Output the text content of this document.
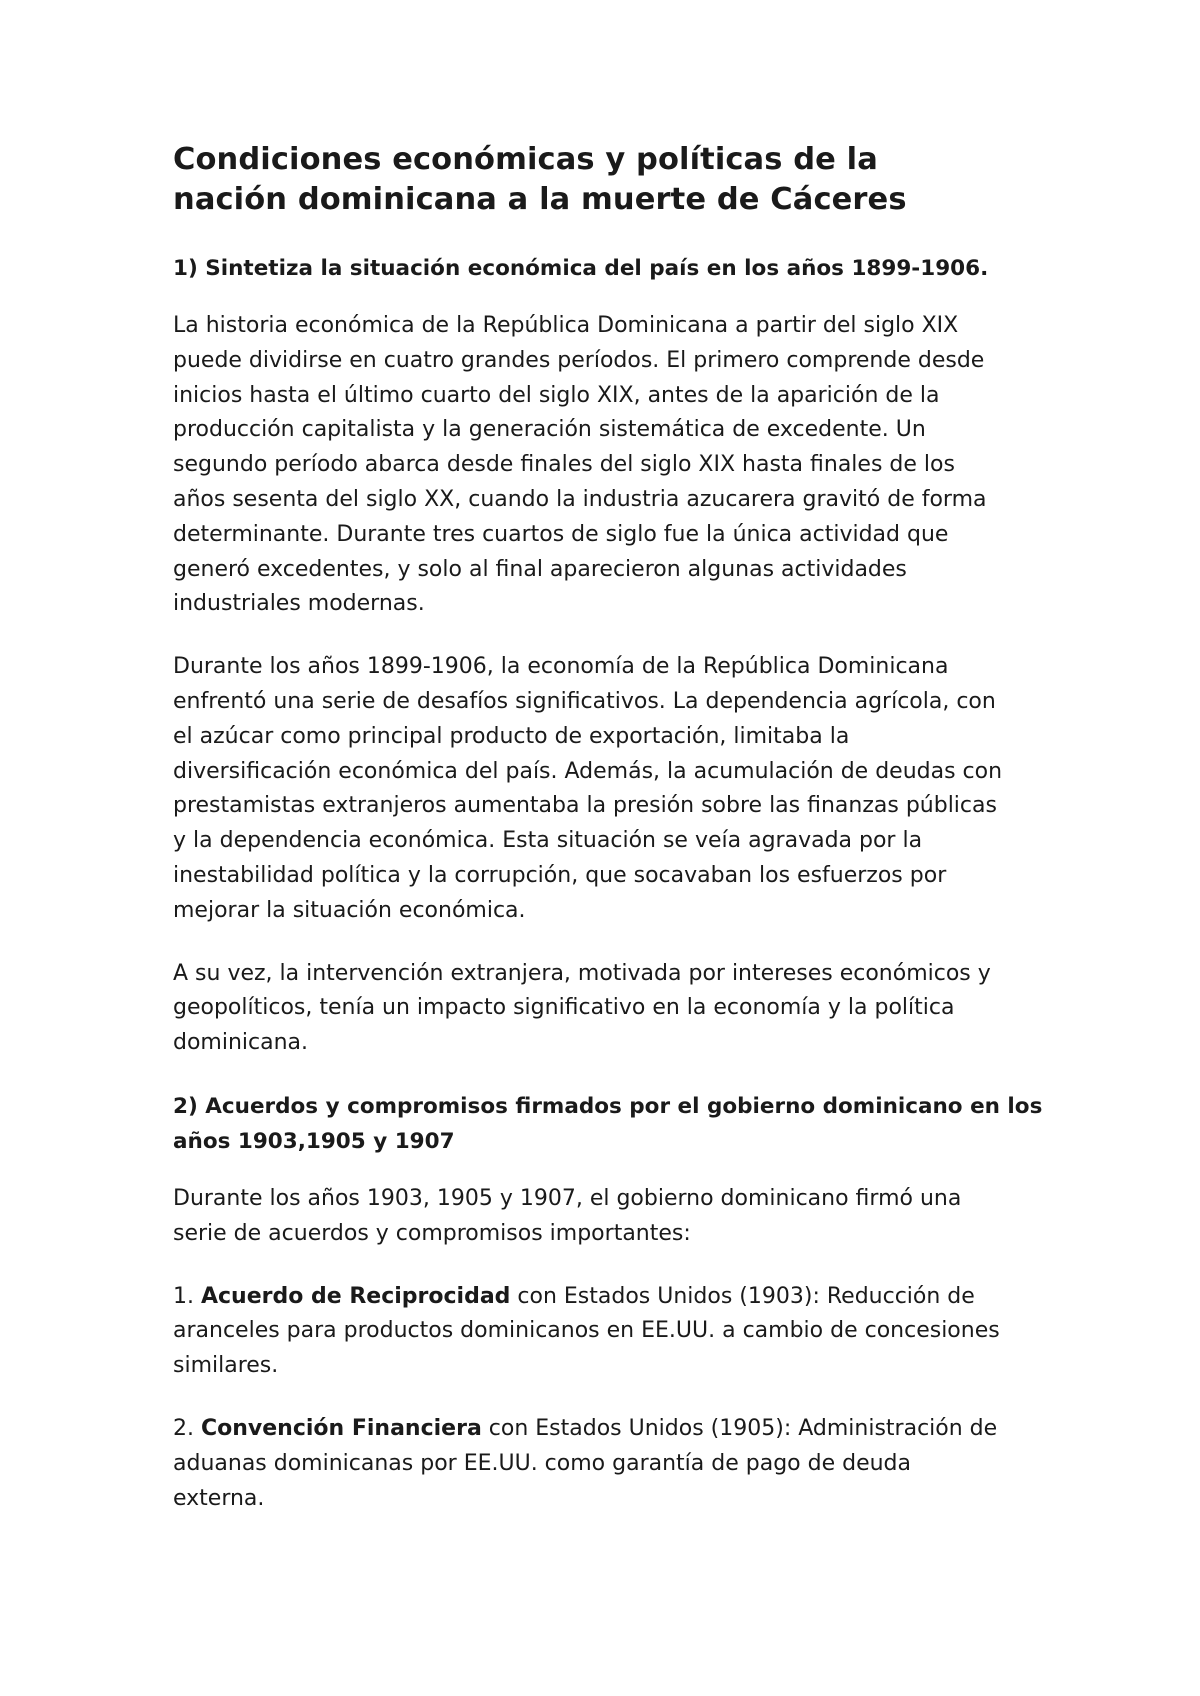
Condiciones económicas y políticas de la
nación dominicana a la muerte de Cáceres
1) Sintetiza la situación económica del país en los años 1899-1906.

La historia económica de la República Dominicana a partir del siglo XIX
puede dividirse en cuatro grandes períodos. El primero comprende desde
inicios hasta el último cuarto del siglo XIX, antes de la aparición de la
producción capitalista y la generación sistemática de excedente. Un
segundo período abarca desde finales del siglo XIX hasta finales de los
años sesenta del siglo XX, cuando la industria azucarera gravitó de forma
determinante. Durante tres cuartos de siglo fue la única actividad que
generó excedentes, y solo al final aparecieron algunas actividades
industriales modernas.

Durante los años 1899-1906, la economía de la República Dominicana
enfrentó una serie de desafíos significativos. La dependencia agrícola, con
el azúcar como principal producto de exportación, limitaba la
diversificación económica del país. Además, la acumulación de deudas con
prestamistas extranjeros aumentaba la presión sobre las finanzas públicas
y la dependencia económica. Esta situación se veía agravada por la
inestabilidad política y la corrupción, que socavaban los esfuerzos por
mejorar la situación económica.

A su vez, la intervención extranjera, motivada por intereses económicos y
geopolíticos, tenía un impacto significativo en la economía y la política
dominicana.

2) Acuerdos y compromisos firmados por el gobierno dominicano en los
años 1903,1905 y 1907

Durante los años 1903, 1905 y 1907, el gobierno dominicano firmó una
serie de acuerdos y compromisos importantes:

1. Acuerdo de Reciprocidad con Estados Unidos (1903): Reducción de
aranceles para productos dominicanos en EE.UU. a cambio de concesiones
similares.

2. Convención Financiera con Estados Unidos (1905): Administración de
aduanas dominicanas por EE.UU. como garantía de pago de deuda
externa.
